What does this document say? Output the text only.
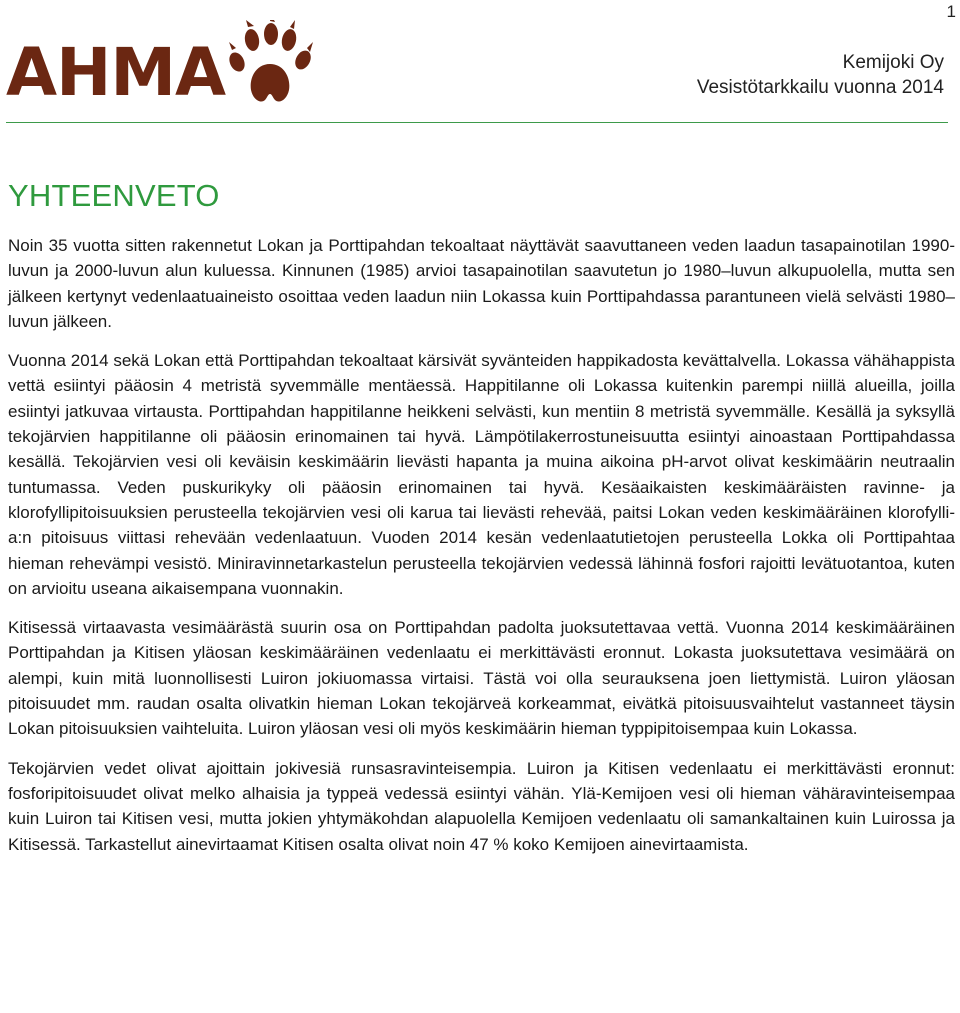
1
AHMA	Kemijoki Oy
Vesistötarkkailu vuonna 2014
YHTEENVETO

Noin 35 vuotta sitten rakennetut Lokan ja Porttipahdan tekoaltaat näyttävät saavuttaneen veden laadun tasapainotilan 1990-luvun ja 2000-luvun alun kuluessa. Kinnunen (1985) arvioi tasapainotilan saavutetun jo 1980–luvun alkupuolella, mutta sen jälkeen kertynyt vedenlaatuaineisto osoittaa veden laadun niin Lokassa kuin Porttipahdassa parantuneen vielä selvästi 1980–luvun jälkeen.

Vuonna 2014 sekä Lokan että Porttipahdan tekoaltaat kärsivät syvänteiden happikadosta kevättalvella. Lokassa vähähappista vettä esiintyi pääosin 4 metristä syvemmälle mentäessä. Happitilanne oli Lokassa kuitenkin parempi niillä alueilla, joilla esiintyi jatkuvaa virtausta. Porttipahdan happitilanne heikkeni selvästi, kun mentiin 8 metristä syvemmälle. Kesällä ja syksyllä tekojärvien happitilanne oli pääosin erinomainen tai hyvä. Lämpötilakerrostuneisuutta esiintyi ainoastaan Porttipahdassa kesällä. Tekojärvien vesi oli keväisin keskimäärin lievästi hapanta ja muina aikoina pH-arvot olivat keskimäärin neutraalin tuntumassa. Veden puskurikyky oli pääosin erinomainen tai hyvä. Kesäaikaisten keskimääräisten ravinne- ja klorofyllipitoisuuksien perusteella tekojärvien vesi oli karua tai lievästi rehevää, paitsi Lokan veden keskimääräinen klorofylli-a:n pitoisuus viittasi rehevään vedenlaatuun. Vuoden 2014 kesän vedenlaatutietojen perusteella Lokka oli Porttipahtaa hieman rehevämpi vesistö. Miniravinnetarkastelun perusteella tekojärvien vedessä lähinnä fosfori rajoitti levätuotantoa, kuten on arvioitu useana aikaisempana vuonnakin.

Kitisessä virtaavasta vesimäärästä suurin osa on Porttipahdan padolta juoksutettavaa vettä. Vuonna 2014 keskimääräinen Porttipahdan ja Kitisen yläosan keskimääräinen vedenlaatu ei merkittävästi eronnut. Lokasta juoksutettava vesimäärä on alempi, kuin mitä luonnollisesti Luiron jokiuomassa virtaisi. Tästä voi olla seurauksena joen liettymistä. Luiron yläosan pitoisuudet mm. raudan osalta olivatkin hieman Lokan tekojärveä korkeammat, eivätkä pitoisuusvaihtelut vastanneet täysin Lokan pitoisuuksien vaihteluita. Luiron yläosan vesi oli myös keskimäärin hieman typpipitoisempaa kuin Lokassa.

Tekojärvien vedet olivat ajoittain jokivesiä runsasravinteisempia. Luiron ja Kitisen vedenlaatu ei merkittävästi eronnut: fosforipitoisuudet olivat melko alhaisia ja typpeä vedessä esiintyi vähän. Ylä-Kemijoen vesi oli hieman vähäravinteisempaa kuin Luiron tai Kitisen vesi, mutta jokien yhtymäkohdan alapuolella Kemijoen vedenlaatu oli samankaltainen kuin Luirossa ja Kitisessä. Tarkastellut ainevirtaamat Kitisen osalta olivat noin 47 % koko Kemijoen ainevirtaamista.
